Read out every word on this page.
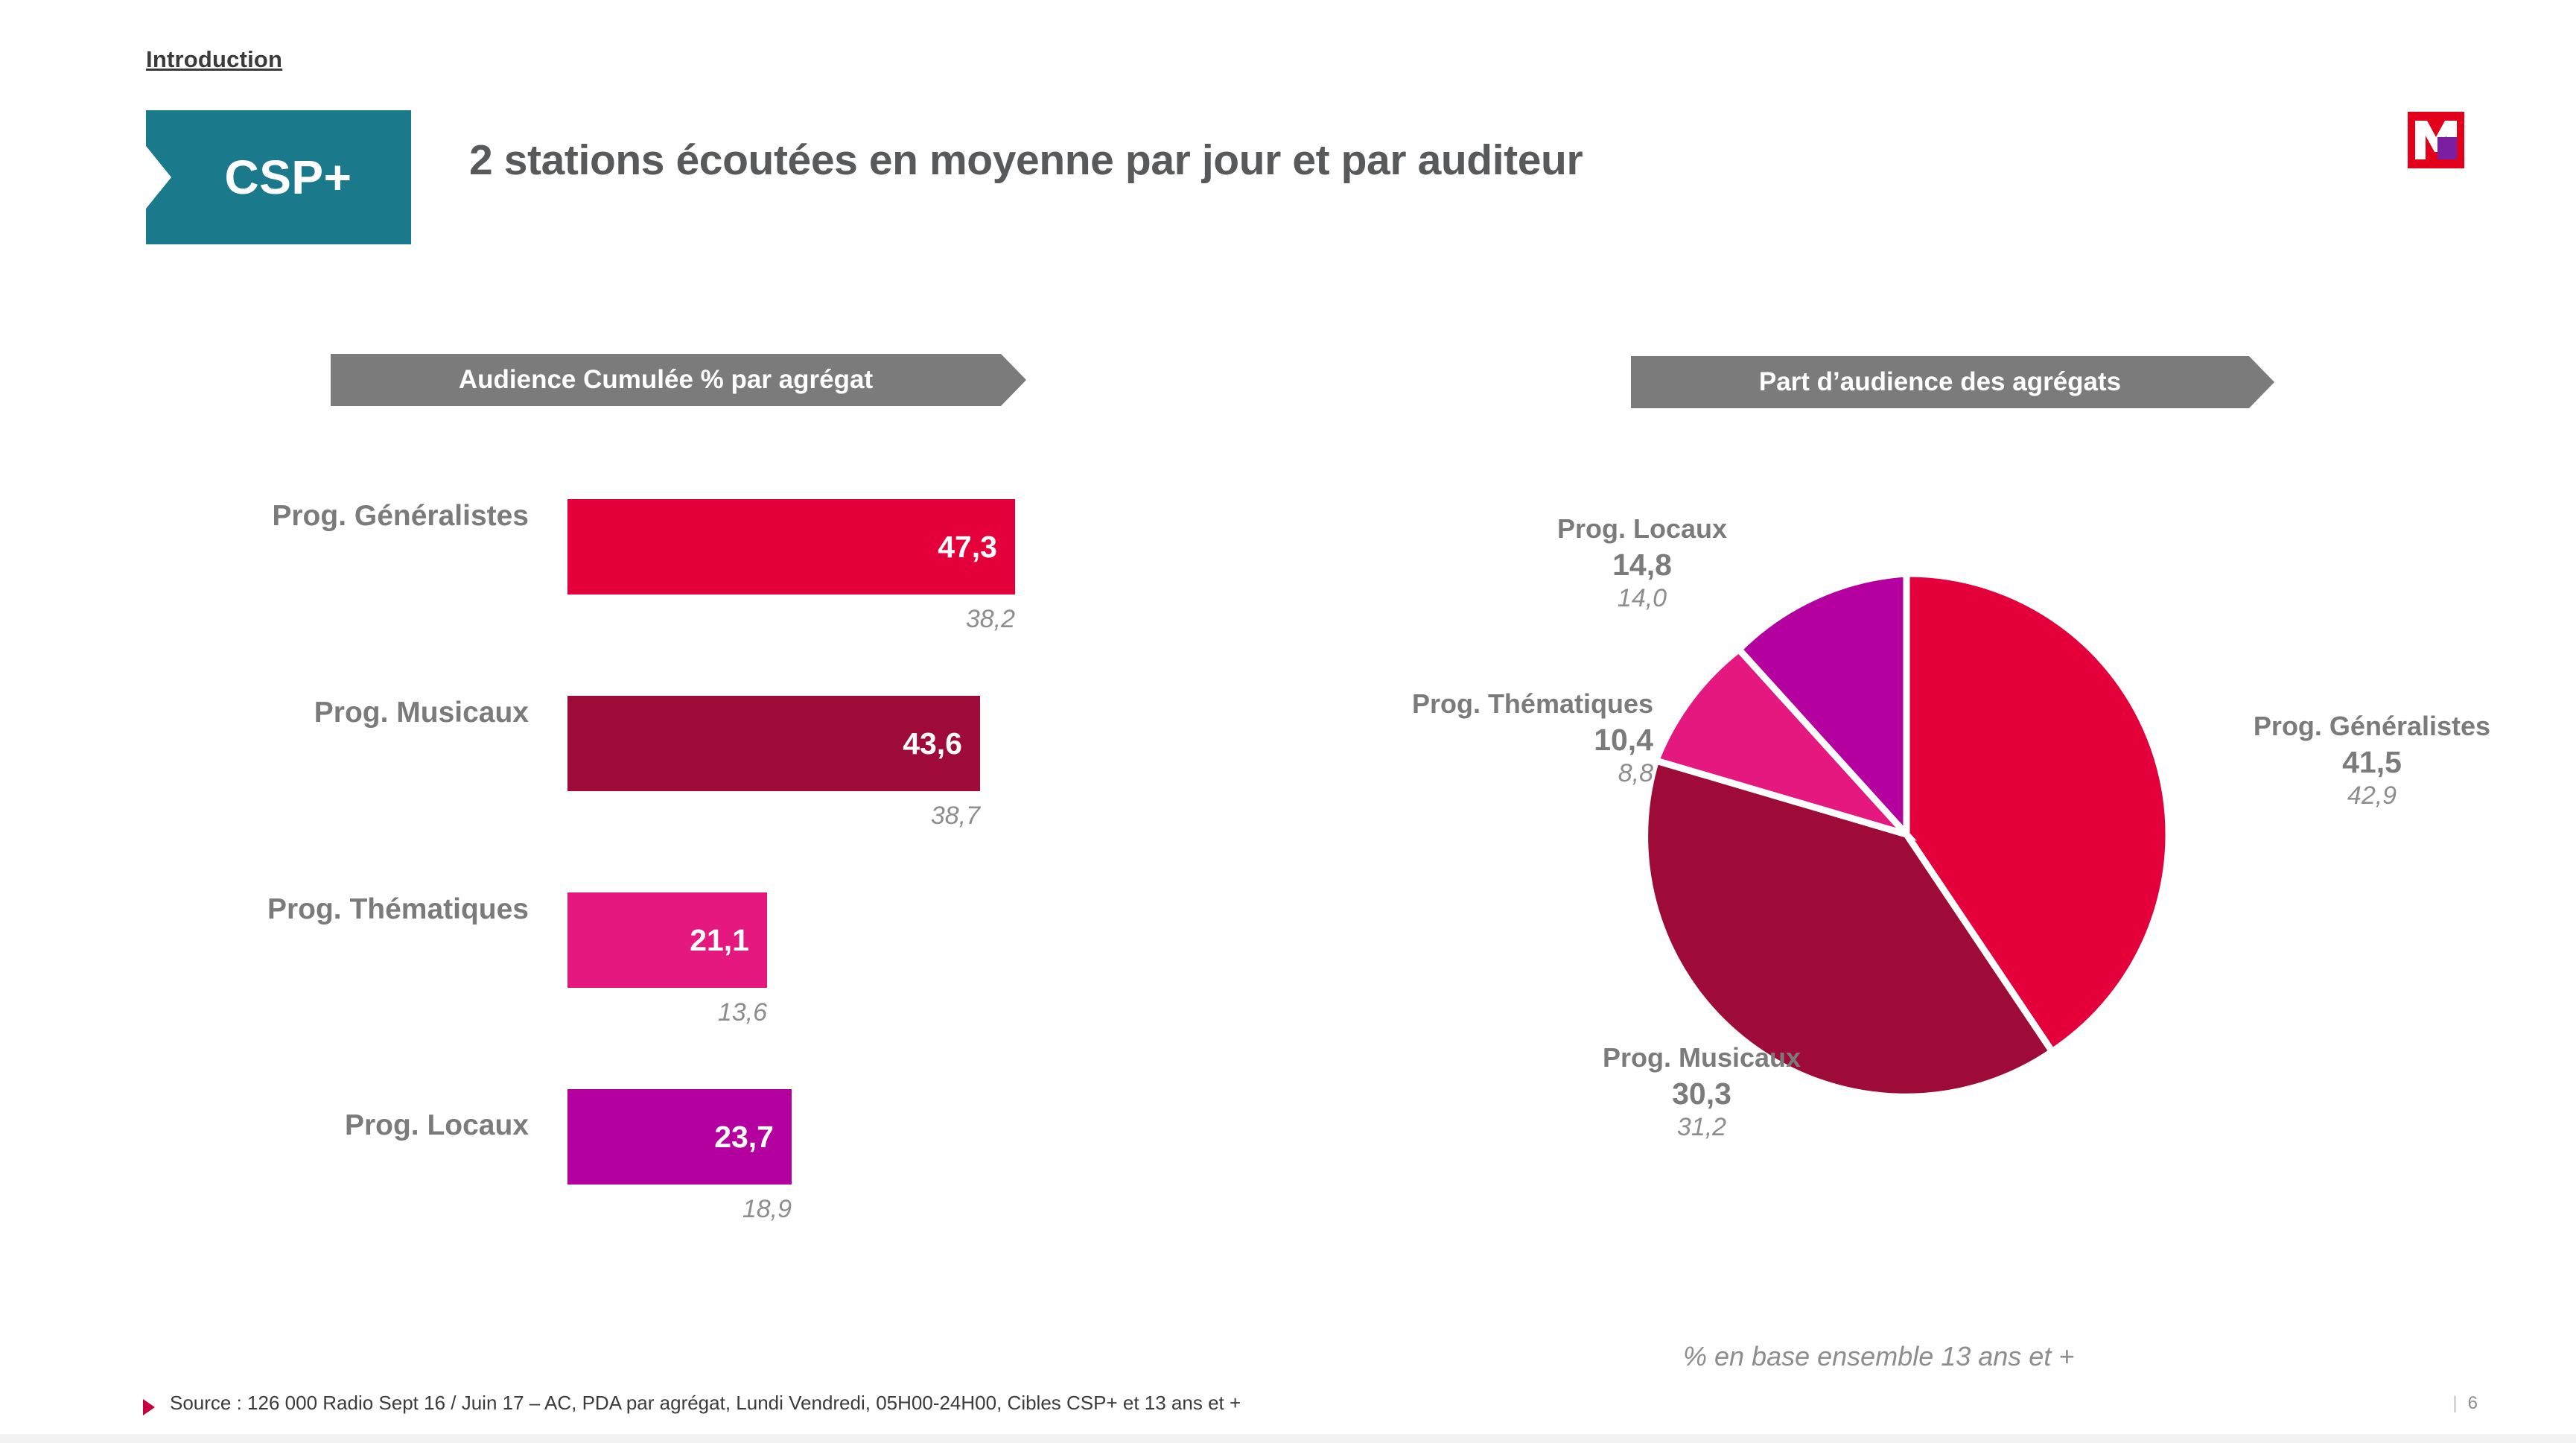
Introduction
CSP+	2 stations écoutées en moyenne par jour et par auditeur
Audience Cumulée % par agrégat
Prog. Généralistes
47,3
38,2
Prog. Musicaux
43,6
38,7
Prog. Thématiques
21,1
13,6
Prog. Locaux	23,7
18,9
Part d’audience des agrégats
Prog. Locaux
14,8
14,0
Prog. Thématiques
10,4
8,8
Prog. Généralistes
41,5
42,9
Prog. Musicaux
30,3
31,2
% en base ensemble 13 ans et +
Source : 126 000 Radio Sept 16 / Juin 17 – AC, PDA par agrégat, Lundi Vendredi, 05H00-24H00, Cibles CSP+ et 13 ans et +	| 6
